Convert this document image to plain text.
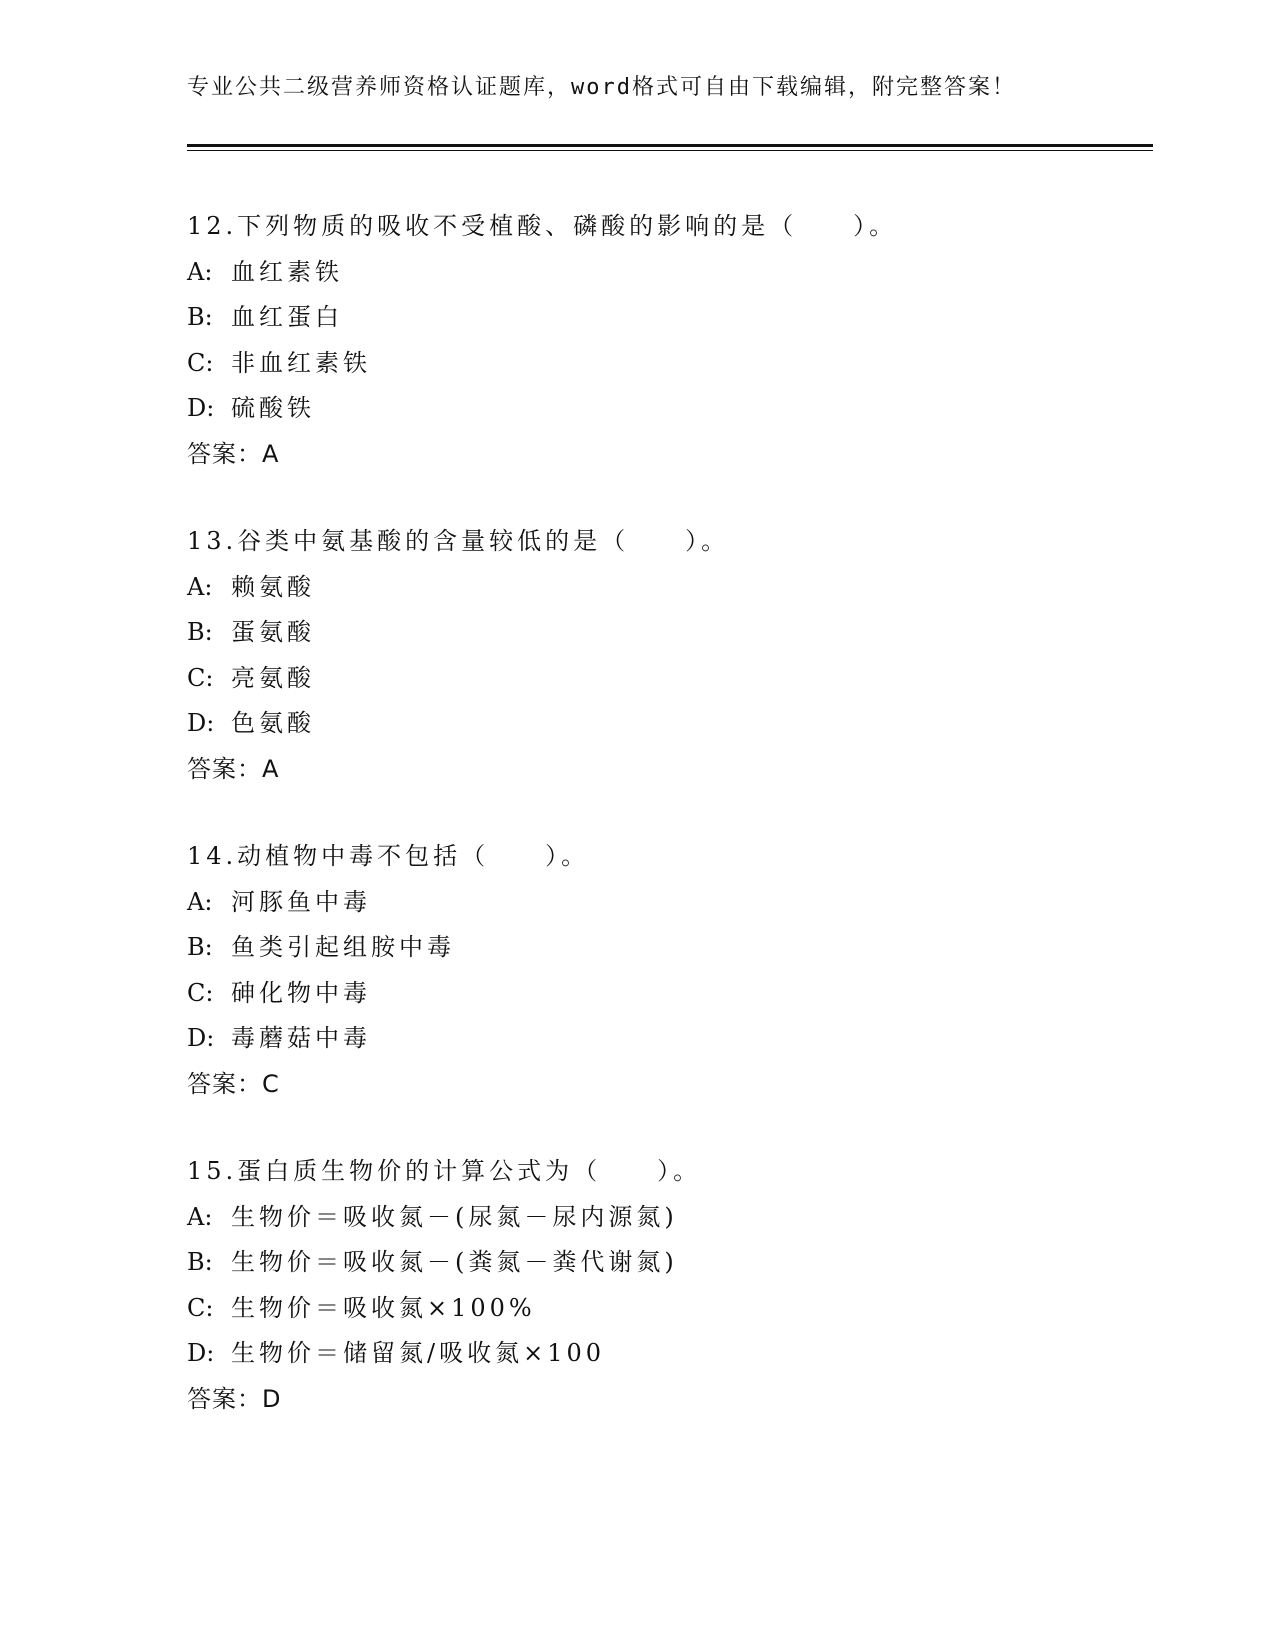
专业公共二级营养师资格认证题库，word格式可自由下载编辑，附完整答案！
12.下列物质的吸收不受植酸、磷酸的影响的是（　　）。
A: 血红素铁
B: 血红蛋白
C: 非血红素铁
D: 硫酸铁
答案：A
13.谷类中氨基酸的含量较低的是（　　）。
A: 赖氨酸
B: 蛋氨酸
C: 亮氨酸
D: 色氨酸
答案：A
14.动植物中毒不包括（　　）。
A: 河豚鱼中毒
B: 鱼类引起组胺中毒
C: 砷化物中毒
D: 毒蘑菇中毒
答案：C
15.蛋白质生物价的计算公式为（　　）。
A: 生物价＝吸收氮－(尿氮－尿内源氮)
B: 生物价＝吸收氮－(粪氮－粪代谢氮)
C: 生物价＝吸收氮×100%
D: 生物价＝储留氮/吸收氮×100
答案：D
